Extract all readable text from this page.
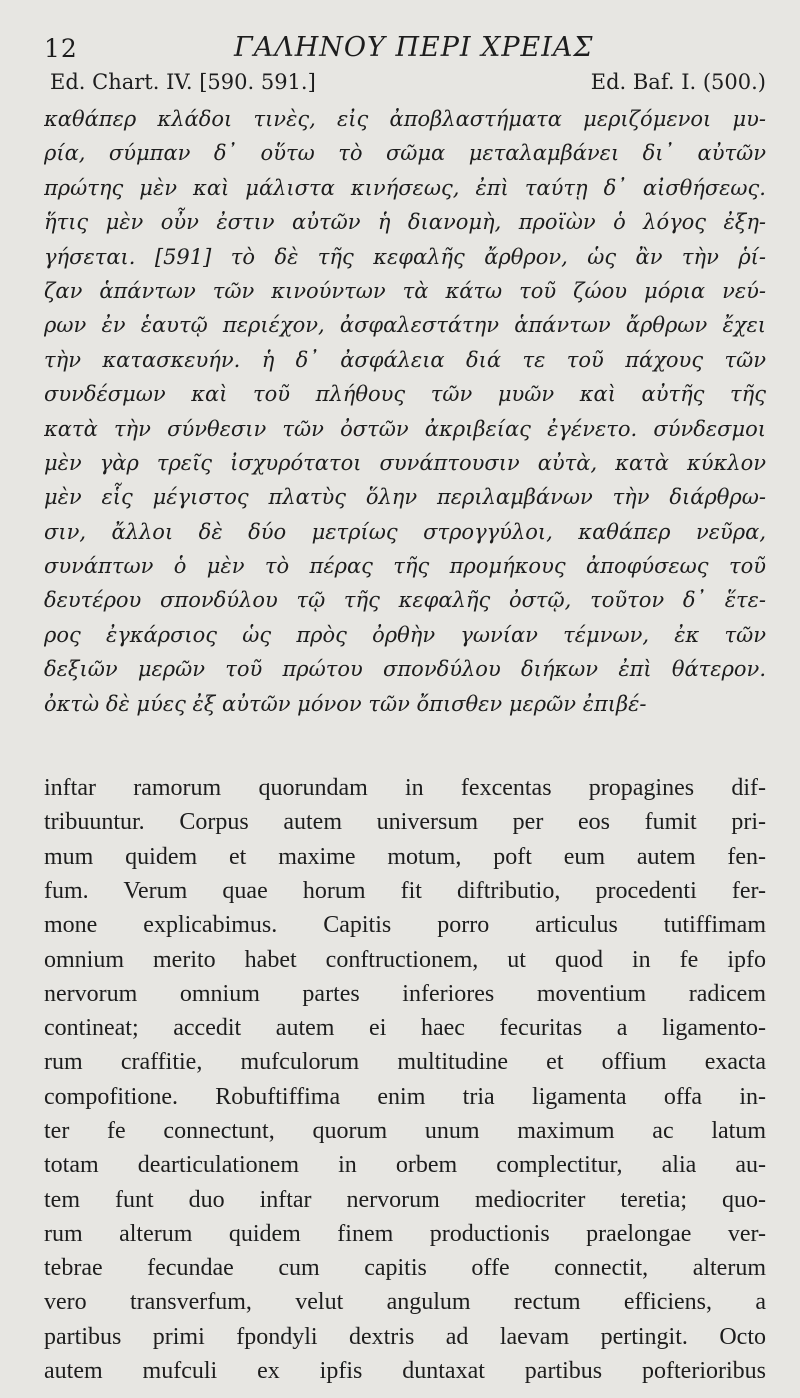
12	ΓΑΛΗΝΟΥ ΠΕΡΙ ΧΡΕΙΑΣ
Ed. Chart. IV. [590. 591.]	Ed. Baf. I. (500.)
καθάπερ κλάδοι τινὲς, εἰς ἀποβλαστήματα μεριζόμενοι μυ-
ρία, σύμπαν δ᾽ οὕτω τὸ σῶμα μεταλαμβάνει δι᾽ αὐτῶν
πρώτης μὲν καὶ μάλιστα κινήσεως, ἐπὶ ταύτῃ δ᾽ αἰσθήσεως.
ἥτις μὲν οὖν ἐστιν αὐτῶν ἡ διανομὴ, προϊὼν ὁ λόγος ἐξη-
γήσεται. [591] τὸ δὲ τῆς κεφαλῆς ἄρθρον, ὡς ἂν τὴν ῥί-
ζαν ἁπάντων τῶν κινούντων τὰ κάτω τοῦ ζώου μόρια νεύ-
ρων ἐν ἑαυτῷ περιέχον, ἀσφαλεστάτην ἁπάντων ἄρθρων ἔχει
τὴν κατασκευήν. ἡ δ᾽ ἀσφάλεια διά τε τοῦ πάχους τῶν
συνδέσμων καὶ τοῦ πλήθους τῶν μυῶν καὶ αὐτῆς τῆς
κατὰ τὴν σύνθεσιν τῶν ὀστῶν ἀκριβείας ἐγένετο. σύνδεσμοι
μὲν γὰρ τρεῖς ἰσχυρότατοι συνάπτουσιν αὐτὰ, κατὰ κύκλον
μὲν εἷς μέγιστος πλατὺς ὅλην περιλαμβάνων τὴν διάρθρω-
σιν, ἄλλοι δὲ δύο μετρίως στρογγύλοι, καθάπερ νεῦρα,
συνάπτων ὁ μὲν τὸ πέρας τῆς προμήκους ἀποφύσεως τοῦ
δευτέρου σπονδύλου τῷ τῆς κεφαλῆς ὀστῷ, τοῦτον δ᾽ ἕτε-
ρος ἐγκάρσιος ὡς πρὸς ὀρθὴν γωνίαν τέμνων, ἐκ τῶν
δεξιῶν μερῶν τοῦ πρώτου σπονδύλου διήκων ἐπὶ θάτερον.
ὀκτὼ δὲ μύες ἐξ αὐτῶν μόνον τῶν ὄπισθεν μερῶν ἐπιβέ-
inftar ramorum quorundam in fexcentas propagines dif-
tribuuntur. Corpus autem universum per eos fumit pri-
mum quidem et maxime motum, poft eum autem fen-
fum. Verum quae horum fit diftributio, procedenti fer-
mone explicabimus. Capitis porro articulus tutiffimam
omnium merito habet conftructionem, ut quod in fe ipfo
nervorum omnium partes inferiores moventium radicem
contineat; accedit autem ei haec fecuritas a ligamento-
rum craffitie, mufculorum multitudine et offium exacta
compofitione. Robuftiffima enim tria ligamenta offa in-
ter fe connectunt, quorum unum maximum ac latum
totam dearticulationem in orbem complectitur, alia au-
tem funt duo inftar nervorum mediocriter teretia; quo-
rum alterum quidem finem productionis praelongae ver-
tebrae fecundae cum capitis offe connectit, alterum
vero transverfum, velut angulum rectum efficiens, a
partibus primi fpondyli dextris ad laevam pertingit. Octo
autem mufculi ex ipfis duntaxat partibus pofterioribus
